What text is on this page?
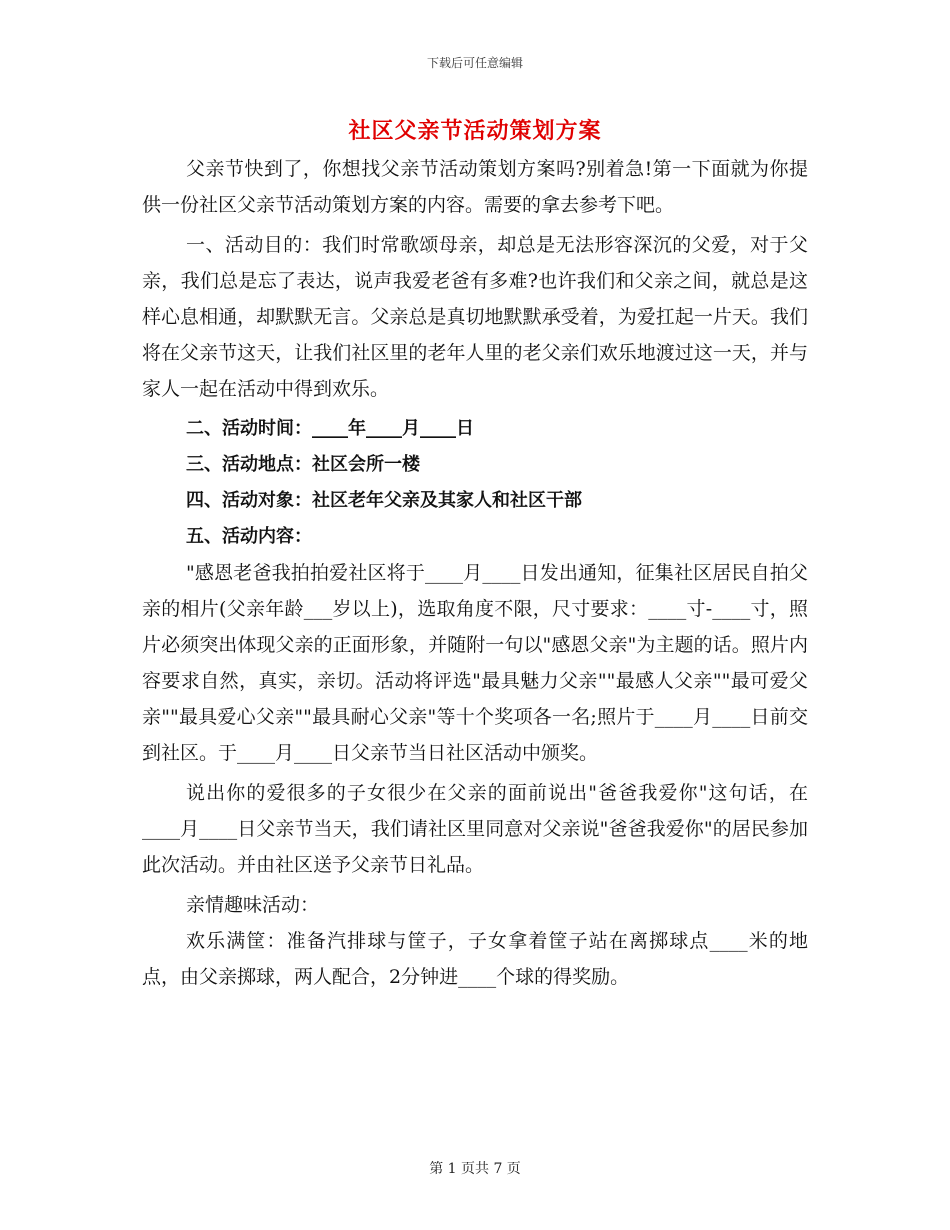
下载后可任意编辑
社区父亲节活动策划方案

父亲节快到了，你想找父亲节活动策划方案吗?别着急!第一下面就为你提供一份社区父亲节活动策划方案的内容。需要的拿去参考下吧。

一、活动目的：我们时常歌颂母亲，却总是无法形容深沉的父爱，对于父亲，我们总是忘了表达，说声我爱老爸有多难?也许我们和父亲之间，就总是这样心息相通，却默默无言。父亲总是真切地默默承受着，为爱扛起一片天。我们将在父亲节这天，让我们社区里的老年人里的老父亲们欢乐地渡过这一天，并与家人一起在活动中得到欢乐。

二、活动时间：____年____月____日

三、活动地点：社区会所一楼

四、活动对象：社区老年父亲及其家人和社区干部

五、活动内容：

"感恩老爸我拍拍爱社区将于____月____日发出通知，征集社区居民自拍父亲的相片(父亲年龄___岁以上)，选取角度不限，尺寸要求：____寸-____寸，照片必须突出体现父亲的正面形象，并随附一句以"感恩父亲"为主题的话。照片内容要求自然，真实，亲切。活动将评选"最具魅力父亲""最感人父亲""最可爱父亲""最具爱心父亲""最具耐心父亲"等十个奖项各一名;照片于____月____日前交到社区。于____月____日父亲节当日社区活动中颁奖。

说出你的爱很多的子女很少在父亲的面前说出"爸爸我爱你"这句话，在____月____日父亲节当天，我们请社区里同意对父亲说"爸爸我爱你"的居民参加此次活动。并由社区送予父亲节日礼品。

亲情趣味活动：

欢乐满筐：准备汽排球与筐子，子女拿着筐子站在离掷球点____米的地点，由父亲掷球，两人配合，2分钟进____个球的得奖励。

第 1 页共 7 页
